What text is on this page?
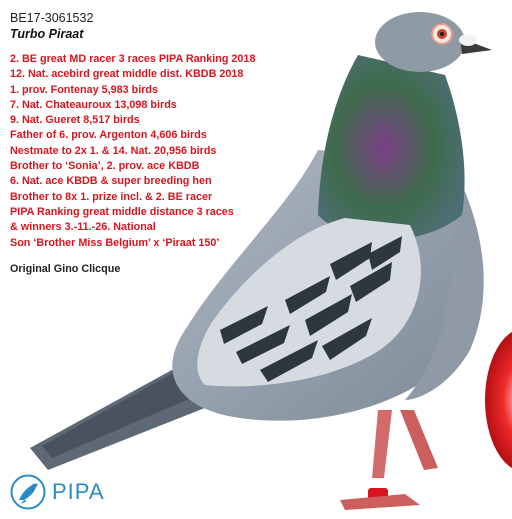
BE17-3061532
Turbo Piraat
2. BE great MD racer 3 races PIPA Ranking 2018
12. Nat. acebird great middle dist. KBDB 2018
1. prov. Fontenay 5,983 birds
7. Nat. Chateauroux 13,098 birds
9. Nat. Gueret 8,517 birds
Father of 6. prov. Argenton 4,606 birds
Nestmate to 2x 1. & 14. Nat. 20,956 birds
Brother to ‘Sonia’, 2. prov. ace KBDB
6. Nat. ace KBDB & super breeding hen
Brother to 8x 1. prize incl. & 2. BE racer
PIPA Ranking great middle distance 3 races
& winners 3.-11.-26. National
Son ‘Brother Miss Belgium’ x ‘Piraat 150’
Original Gino Clicque
PIPA
